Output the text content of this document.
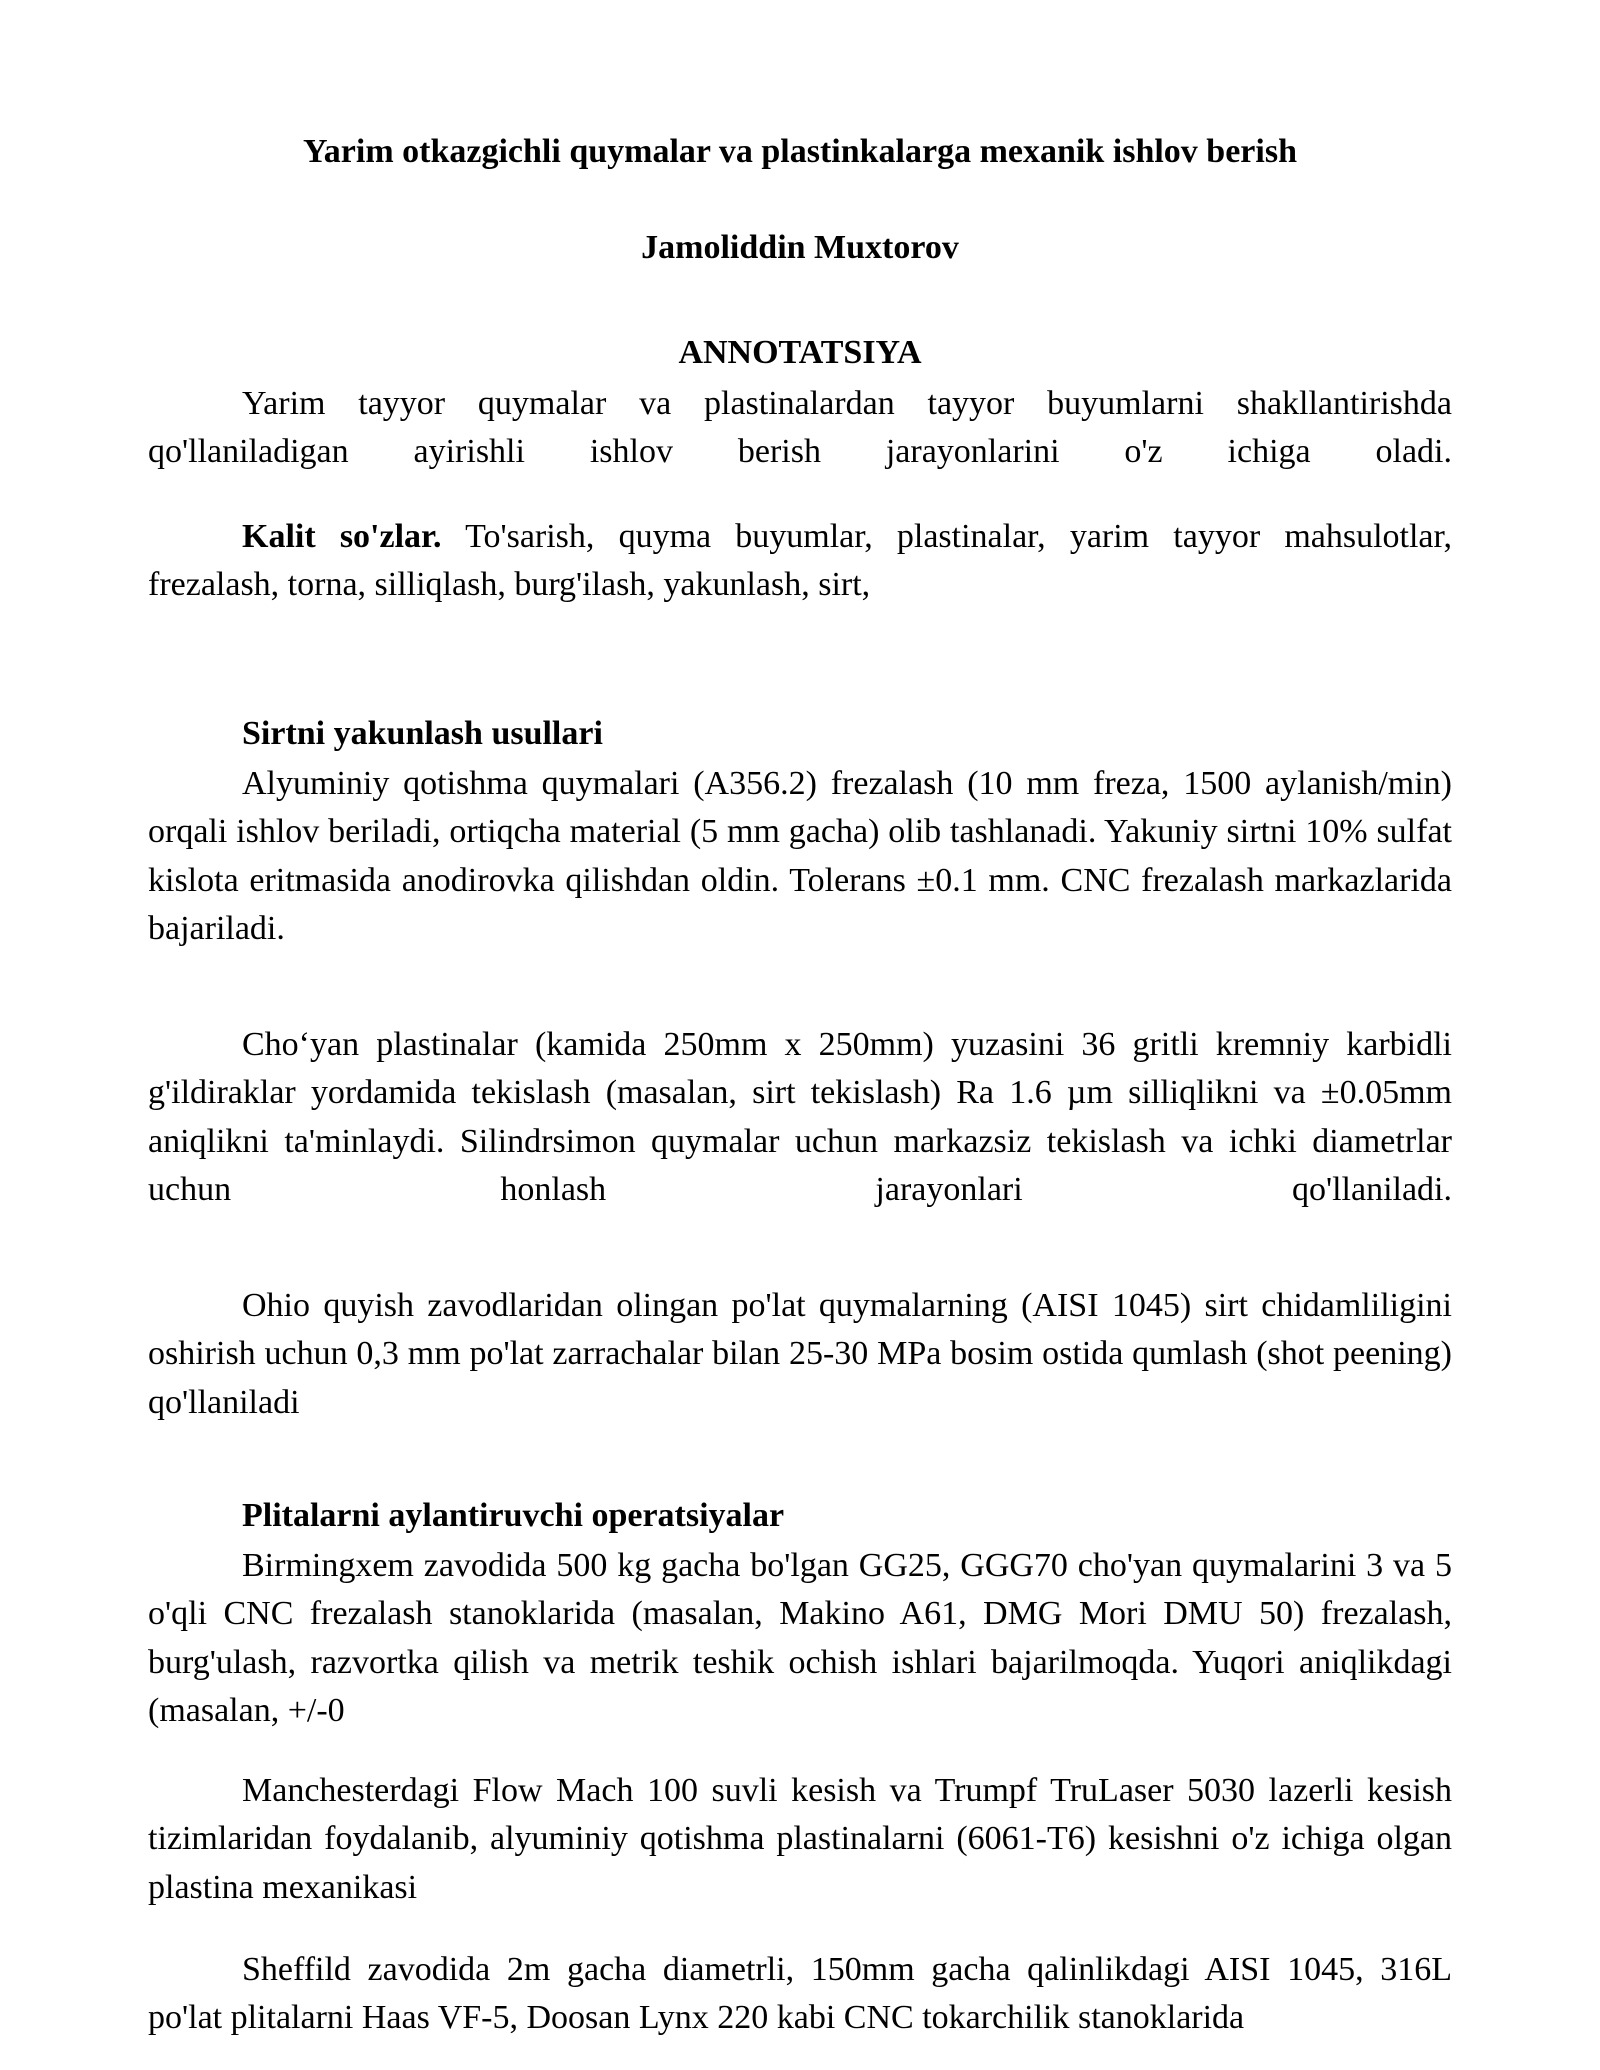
Yarim otkazgichli quymalar va plastinkalarga mexanik ishlov berish
Jamoliddin Muxtorov
ANNOTATSIYA

Yarim tayyor quymalar va plastinalardan tayyor buyumlarni shakllantirishda qo'llaniladigan ayirishli ishlov berish jarayonlarini o'z ichiga oladi.

Kalit so'zlar. To'sarish, quyma buyumlar, plastinalar, yarim tayyor mahsulotlar, frezalash, torna, silliqlash, burg'ilash, yakunlash, sirt,

Sirtni yakunlash usullari

Alyuminiy qotishma quymalari (A356.2) frezalash (10 mm freza, 1500 aylanish/min) orqali ishlov beriladi, ortiqcha material (5 mm gacha) olib tashlanadi. Yakuniy sirtni 10% sulfat kislota eritmasida anodirovka qilishdan oldin. Tolerans ±0.1 mm. CNC frezalash markazlarida bajariladi.

Cho‘yan plastinalar (kamida 250mm x 250mm) yuzasini 36 gritli kremniy karbidli g'ildiraklar yordamida tekislash (masalan, sirt tekislash) Ra 1.6 µm silliqlikni va ±0.05mm aniqlikni ta'minlaydi. Silindrsimon quymalar uchun markazsiz tekislash va ichki diametrlar uchun honlash jarayonlari qo'llaniladi.

Ohio quyish zavodlaridan olingan po'lat quymalarning (AISI 1045) sirt chidamliligini oshirish uchun 0,3 mm po'lat zarrachalar bilan 25-30 MPa bosim ostida qumlash (shot peening) qo'llaniladi

Plitalarni aylantiruvchi operatsiyalar

Birmingxem zavodida 500 kg gacha bo'lgan GG25, GGG70 cho'yan quymalarini 3 va 5 o'qli CNC frezalash stanoklarida (masalan, Makino A61, DMG Mori DMU 50) frezalash, burg'ulash, razvortka qilish va metrik teshik ochish ishlari bajarilmoqda. Yuqori aniqlikdagi (masalan, +/-0

Manchesterdagi Flow Mach 100 suvli kesish va Trumpf TruLaser 5030 lazerli kesish tizimlaridan foydalanib, alyuminiy qotishma plastinalarni (6061-T6) kesishni o'z ichiga olgan plastina mexanikasi

Sheffild zavodida 2m gacha diametrli, 150mm gacha qalinlikdagi AISI 1045, 316L po'lat plitalarni Haas VF-5, Doosan Lynx 220 kabi CNC tokarchilik stanoklarida
